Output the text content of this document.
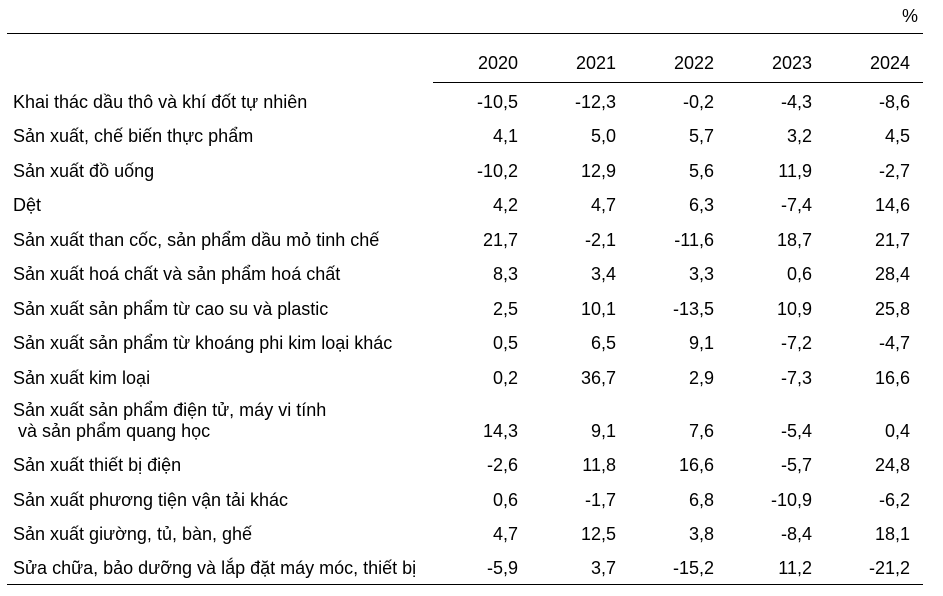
%
	2020	2021	2022	2023	2024
Khai thác dầu thô và khí đốt tự nhiên	-10,5	-12,3	-0,2	-4,3	-8,6
Sản xuất, chế biến thực phẩm	4,1	5,0	5,7	3,2	4,5
Sản xuất đồ uống	-10,2	12,9	5,6	11,9	-2,7
Dệt	4,2	4,7	6,3	-7,4	14,6
Sản xuất than cốc, sản phẩm dầu mỏ tinh chế	21,7	-2,1	-11,6	18,7	21,7
Sản xuất hoá chất và sản phẩm hoá chất	8,3	3,4	3,3	0,6	28,4
Sản xuất sản phẩm từ cao su và plastic	2,5	10,1	-13,5	10,9	25,8
Sản xuất sản phẩm từ khoáng phi kim loại khác	0,5	6,5	9,1	-7,2	-4,7
Sản xuất kim loại	0,2	36,7	2,9	-7,3	16,6
Sản xuất sản phẩm điện tử, máy vi tính
và sản phẩm quang học	14,3	9,1	7,6	-5,4	0,4
Sản xuất thiết bị điện	-2,6	11,8	16,6	-5,7	24,8
Sản xuất phương tiện vận tải khác	0,6	-1,7	6,8	-10,9	-6,2
Sản xuất giường, tủ, bàn, ghế	4,7	12,5	3,8	-8,4	18,1
Sửa chữa, bảo dưỡng và lắp đặt máy móc, thiết bị	-5,9	3,7	-15,2	11,2	-21,2
